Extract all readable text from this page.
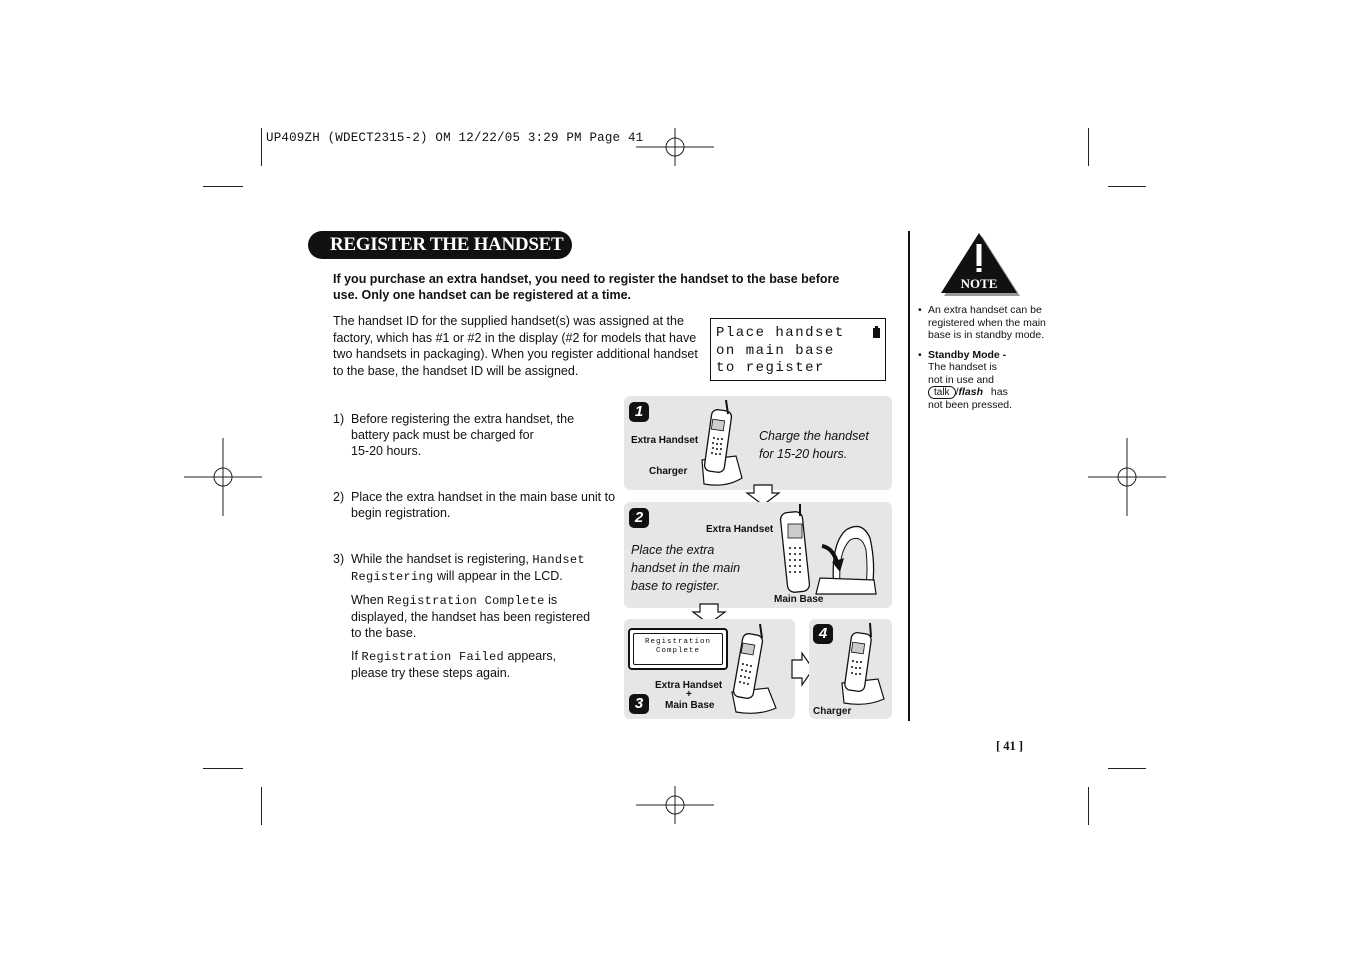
UP409ZH (WDECT2315-2) OM 12/22/05 3:29 PM Page 41
REGISTER THE HANDSET
If you purchase an extra handset, you need to register the handset to the base before use. Only one handset can be registered at a time.
The handset ID for the supplied handset(s) was assigned at the factory, which has #1 or #2 in the display (#2 for models that have two handsets in packaging). When you register additional handset to the base, the handset ID will be assigned.
Place handset
on main base
to register
1) Before registering the extra handset, the battery pack must be charged for
15-20 hours.
2) Place the extra handset in the main base unit to begin registration.
3) While the handset is registering, Handset
Registering will appear in the LCD.
When Registration Complete is displayed, the handset has been registered to the base.
If Registration Failed appears, please try these steps again.
1
Extra Handset
Charger
Charge the handset
for 15-20 hours.
2
Extra Handset
Place the extra
handset in the main
base to register.
Main Base
Registration
Complete
Extra Handset
+
Main Base
3
4
Charger
NOTE
• An extra handset can be registered when the main base is in standby mode.
• Standby Mode -
The handset is
not in use and
talk /flash has
not been pressed.
[ 41 ]
